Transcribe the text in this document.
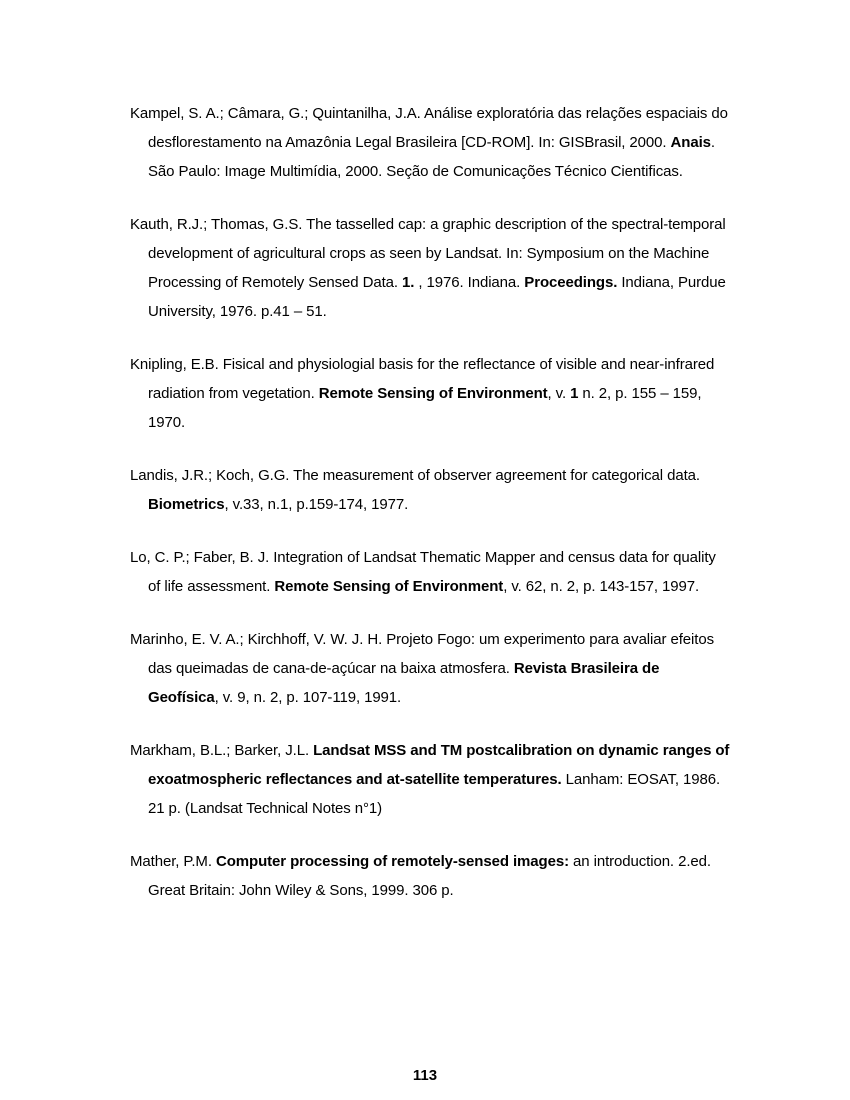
Kampel, S. A.; Câmara, G.; Quintanilha, J.A. Análise exploratória das relações espaciais do desflorestamento na Amazônia Legal Brasileira [CD-ROM]. In: GISBrasil, 2000. Anais. São Paulo: Image Multimídia, 2000. Seção de Comunicações Técnico Cientificas.

Kauth, R.J.; Thomas, G.S. The tasselled cap: a graphic description of the spectral-temporal development of agricultural crops as seen by Landsat. In: Symposium on the Machine Processing of Remotely Sensed Data. 1. , 1976. Indiana. Proceedings. Indiana, Purdue University, 1976. p.41 – 51.

Knipling, E.B. Fisical and physiologial basis for the reflectance of visible and near-infrared radiation from vegetation. Remote Sensing of Environment, v. 1 n. 2, p. 155 – 159, 1970.

Landis, J.R.; Koch, G.G. The measurement of observer agreement for categorical data. Biometrics, v.33, n.1, p.159-174, 1977.

Lo, C. P.; Faber, B. J. Integration of Landsat Thematic Mapper and census data for quality of life assessment. Remote Sensing of Environment, v. 62, n. 2, p. 143-157, 1997.

Marinho, E. V. A.; Kirchhoff, V. W. J. H. Projeto Fogo: um experimento para avaliar efeitos das queimadas de cana-de-açúcar na baixa atmosfera. Revista Brasileira de Geofísica, v. 9, n. 2, p. 107-119, 1991.

Markham, B.L.; Barker, J.L. Landsat MSS and TM postcalibration on dynamic ranges of exoatmospheric reflectances and at-satellite temperatures. Lanham: EOSAT, 1986. 21 p. (Landsat Technical Notes n°1)

Mather, P.M. Computer processing of remotely-sensed images: an introduction. 2.ed. Great Britain: John Wiley & Sons, 1999. 306 p.

113
